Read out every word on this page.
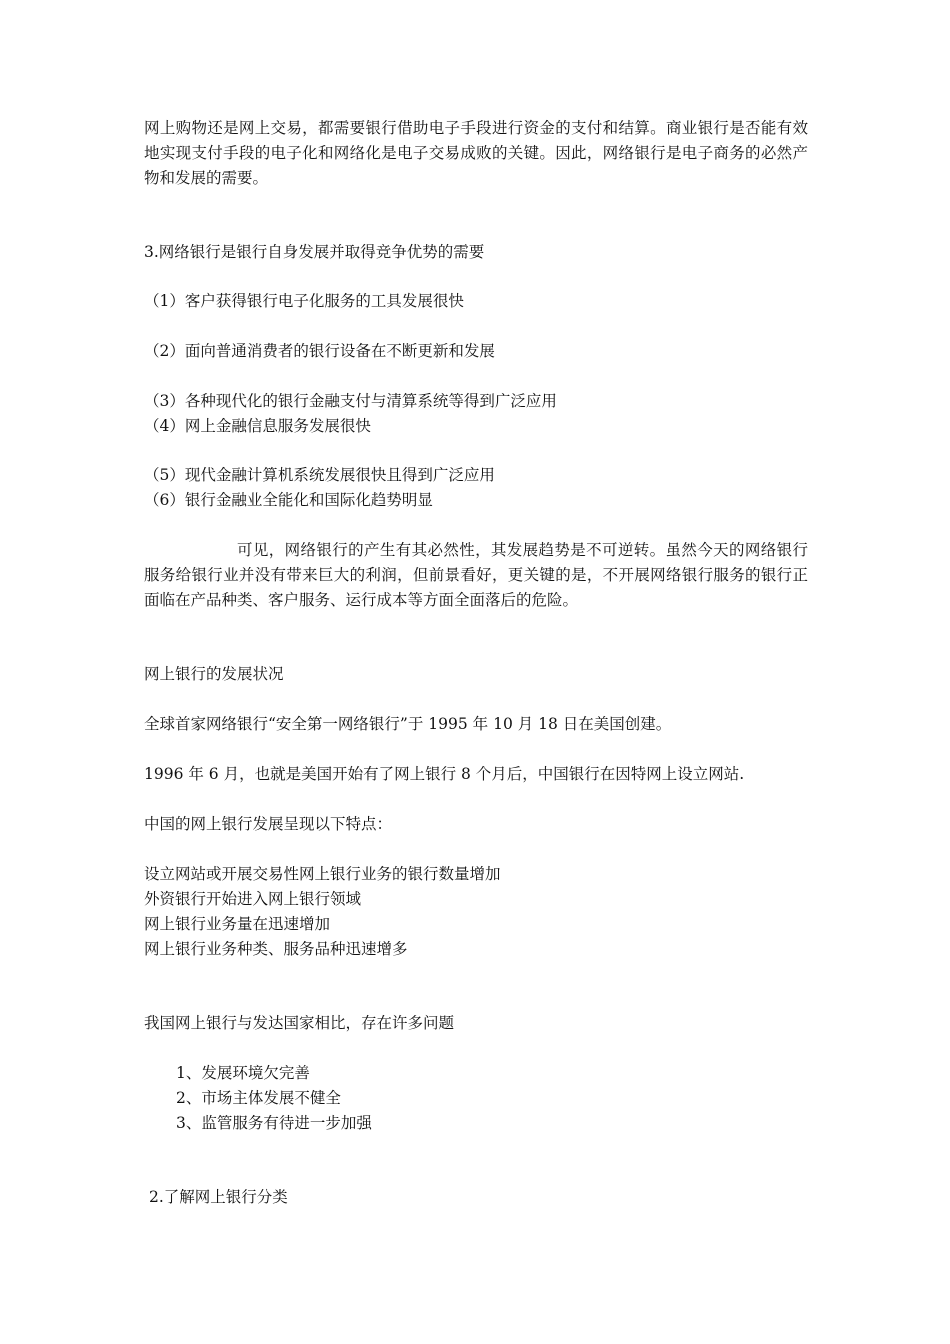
网上购物还是网上交易，都需要银行借助电子手段进行资金的支付和结算。商业银行是否能有效地实现支付手段的电子化和网络化是电子交易成败的关键。因此，网络银行是电子商务的必然产物和发展的需要。

3.网络银行是银行自身发展并取得竞争优势的需要
（1）客户获得银行电子化服务的工具发展很快
（2）面向普通消费者的银行设备在不断更新和发展
（3）各种现代化的银行金融支付与清算系统等得到广泛应用
（4）网上金融信息服务发展很快
（5）现代金融计算机系统发展很快且得到广泛应用
（6）银行金融业全能化和国际化趋势明显

可见，网络银行的产生有其必然性，其发展趋势是不可逆转。虽然今天的网络银行服务给银行业并没有带来巨大的利润，但前景看好，更关键的是，不开展网络银行服务的银行正面临在产品种类、客户服务、运行成本等方面全面落后的危险。

网上银行的发展状况
全球首家网络银行“安全第一网络银行”于 1995 年 10 月 18 日在美国创建。
1996 年 6 月，也就是美国开始有了网上银行 8 个月后，中国银行在因特网上设立网站.
中国的网上银行发展呈现以下特点：
设立网站或开展交易性网上银行业务的银行数量增加
外资银行开始进入网上银行领域
网上银行业务量在迅速增加
网上银行业务种类、服务品种迅速增多
我国网上银行与发达国家相比，存在许多问题
1、发展环境欠完善
2、市场主体发展不健全
3、监管服务有待进一步加强
2.了解网上银行分类
